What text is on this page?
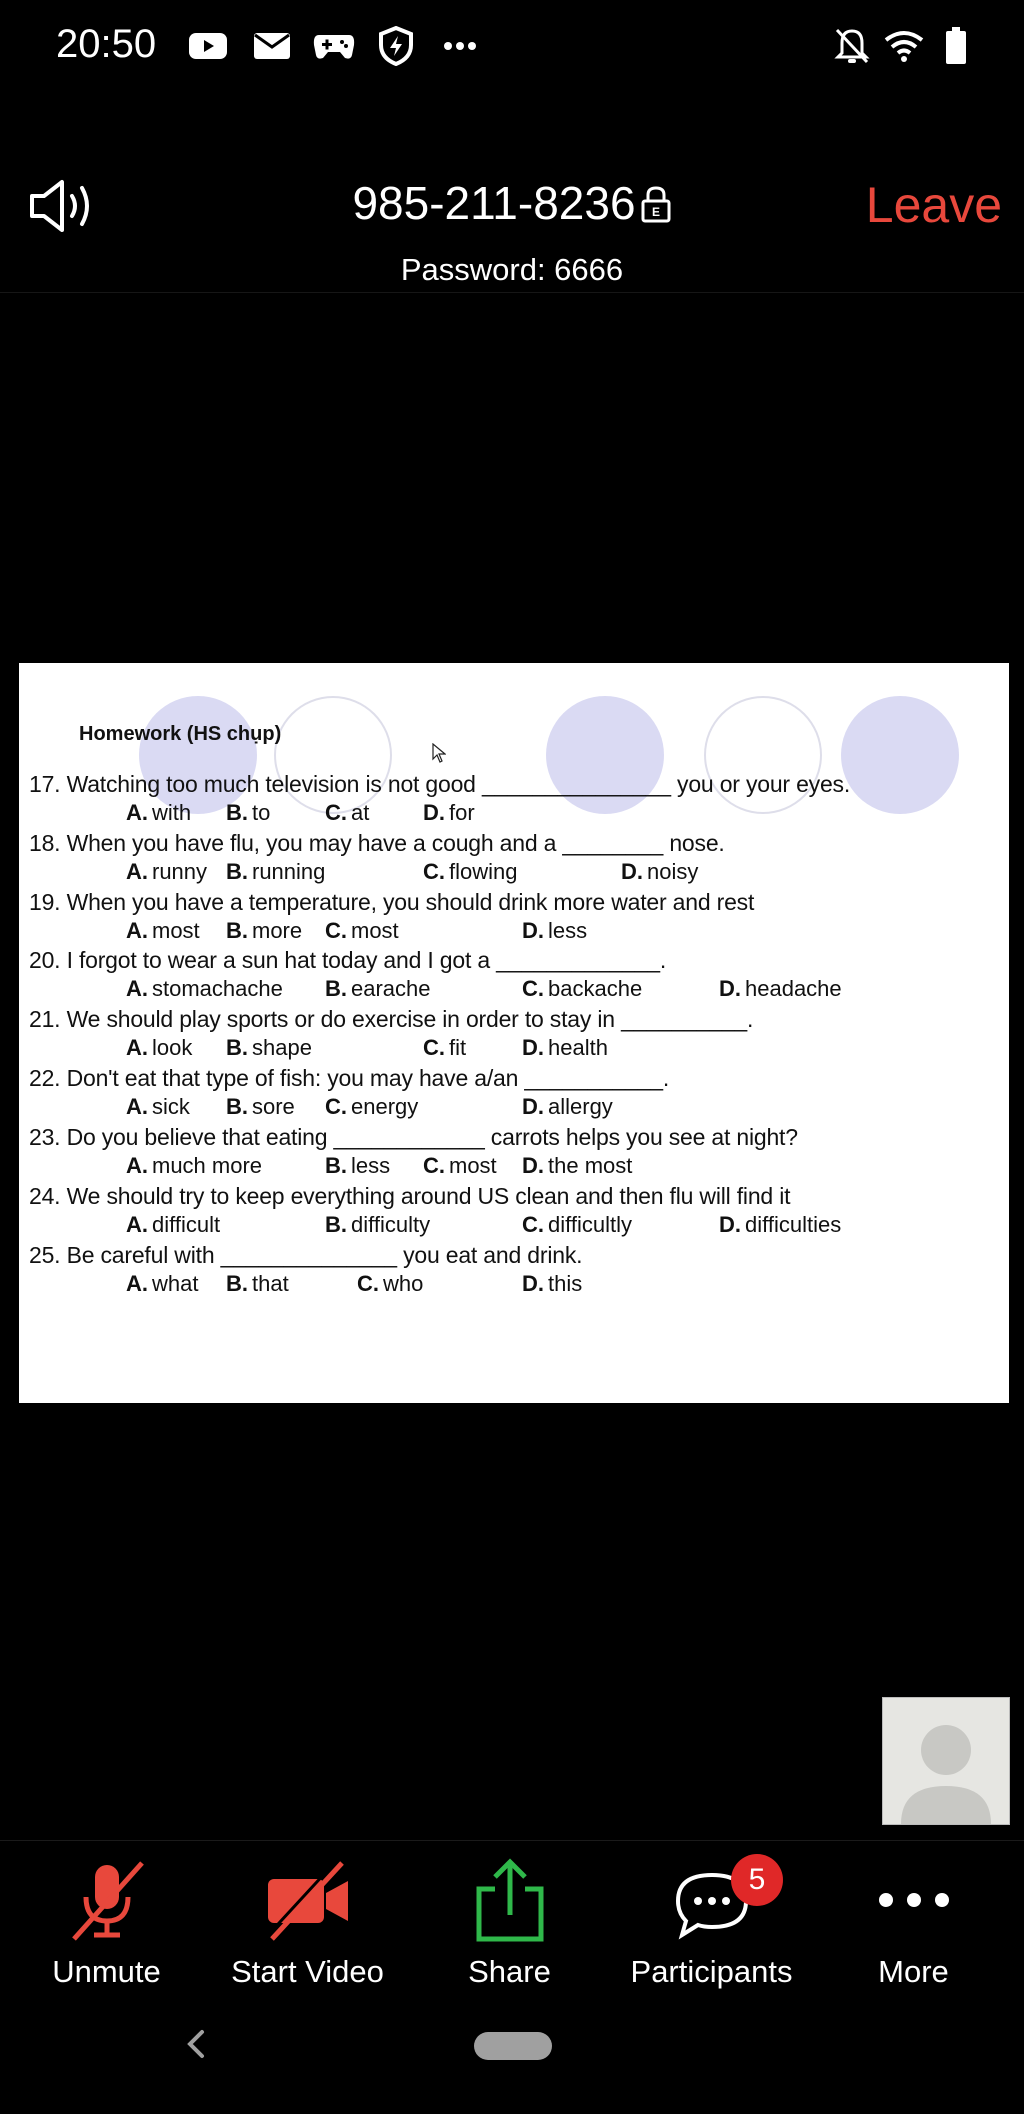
20:50
985-211-8236 E
Password: 6666
Leave
Homework (HS chụp)
17. Watching too much television is not good _______________ you or your eyes.
A. with B. to C. at D. for
18. When you have flu, you may have a cough and a ________ nose.
A. runny B. running	C. flowing	D. noisy
19. When you have a temperature, you should drink more water and rest
A. most B. more C. most	D. less
20. I forgot to wear a sun hat today and I got a _____________.
A. stomachache B. earache	C. backache	D. headache
21. We should play sports or do exercise in order to stay in __________.
A. look B. shape	C. fit	D. health
22. Don't eat that type of fish: you may have a/an ___________.
A. sick B. sore C. energy	D. allergy
23. Do you believe that eating ____________ carrots helps you see at night?
A. much more	B. less C. most D. the most
24. We should try to keep everything around US clean and then flu will find it
A. difficult	B. difficulty	C. difficultly	D. difficulties
25. Be careful with ______________ you eat and drink.
A. what B. that	C. who	D. this
Unmute	Start Video	Share
5
Participants	More
